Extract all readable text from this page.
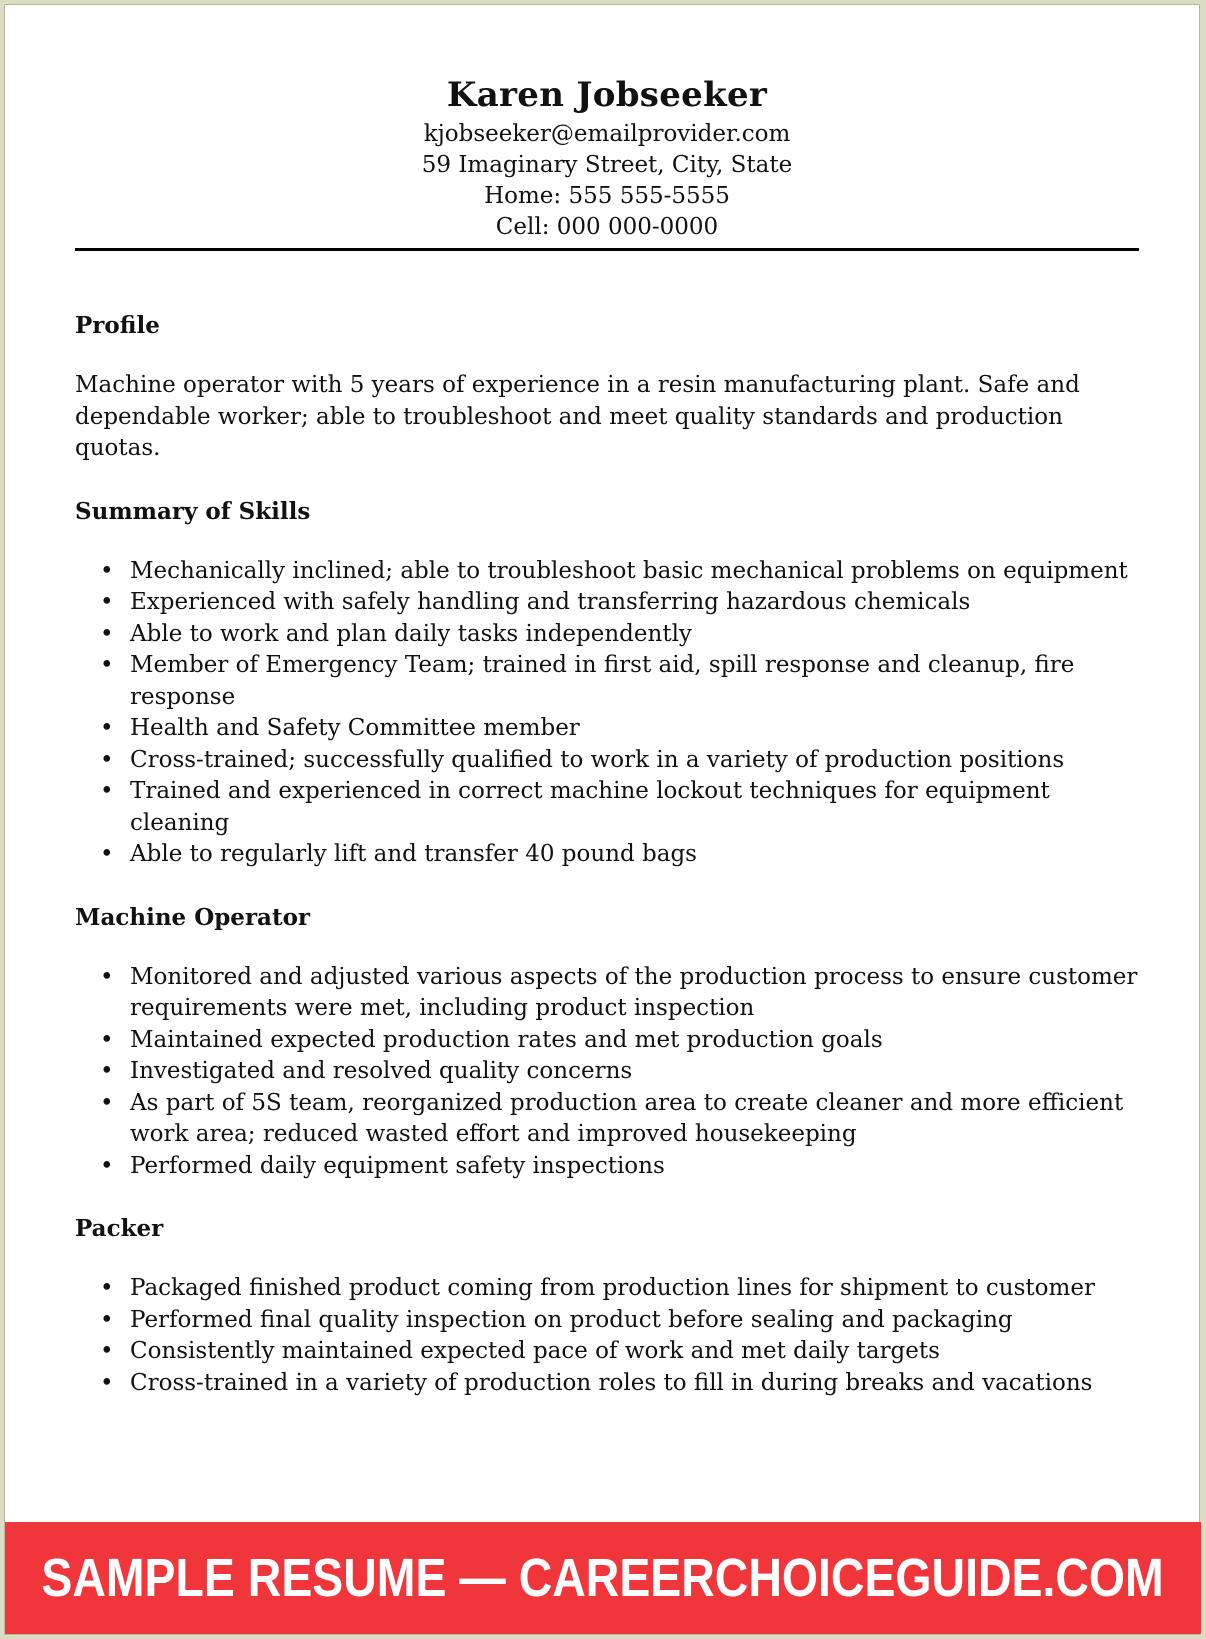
Karen Jobseeker
kjobseeker@emailprovider.com
59 Imaginary Street, City, State
Home: 555 555-5555
Cell: 000 000-0000
Profile

Machine operator with 5 years of experience in a resin manufacturing plant. Safe and dependable worker; able to troubleshoot and meet quality standards and production quotas.

Summary of Skills
• Mechanically inclined; able to troubleshoot basic mechanical problems on equipment
• Experienced with safely handling and transferring hazardous chemicals
• Able to work and plan daily tasks independently
• Member of Emergency Team; trained in first aid, spill response and cleanup, fire response
• Health and Safety Committee member
• Cross-trained; successfully qualified to work in a variety of production positions
• Trained and experienced in correct machine lockout techniques for equipment cleaning
• Able to regularly lift and transfer 40 pound bags
Machine Operator
• Monitored and adjusted various aspects of the production process to ensure customer requirements were met, including product inspection
• Maintained expected production rates and met production goals
• Investigated and resolved quality concerns
• As part of 5S team, reorganized production area to create cleaner and more efficient work area; reduced wasted effort and improved housekeeping
• Performed daily equipment safety inspections
Packer
• Packaged finished product coming from production lines for shipment to customer
• Performed final quality inspection on product before sealing and packaging
• Consistently maintained expected pace of work and met daily targets
• Cross-trained in a variety of production roles to fill in during breaks and vacations
SAMPLE RESUME — CAREERCHOICEGUIDE.COM
